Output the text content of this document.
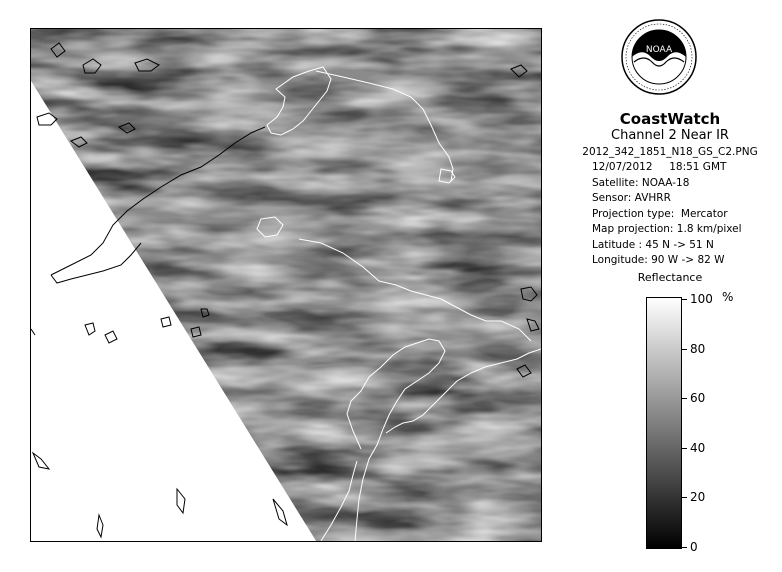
NOAA
CoastWatch
Channel 2 Near IR
2012_342_1851_N18_GS_C2.PNG
12/07/2012     18:51 GMT
Satellite: NOAA-18
Sensor: AVHRR
Projection type:  Mercator
Map projection: 1.8 km/pixel
Latitude : 45 N -> 51 N
Longitude: 90 W -> 82 W
Reflectance
100
80
60
40
20
0
%
